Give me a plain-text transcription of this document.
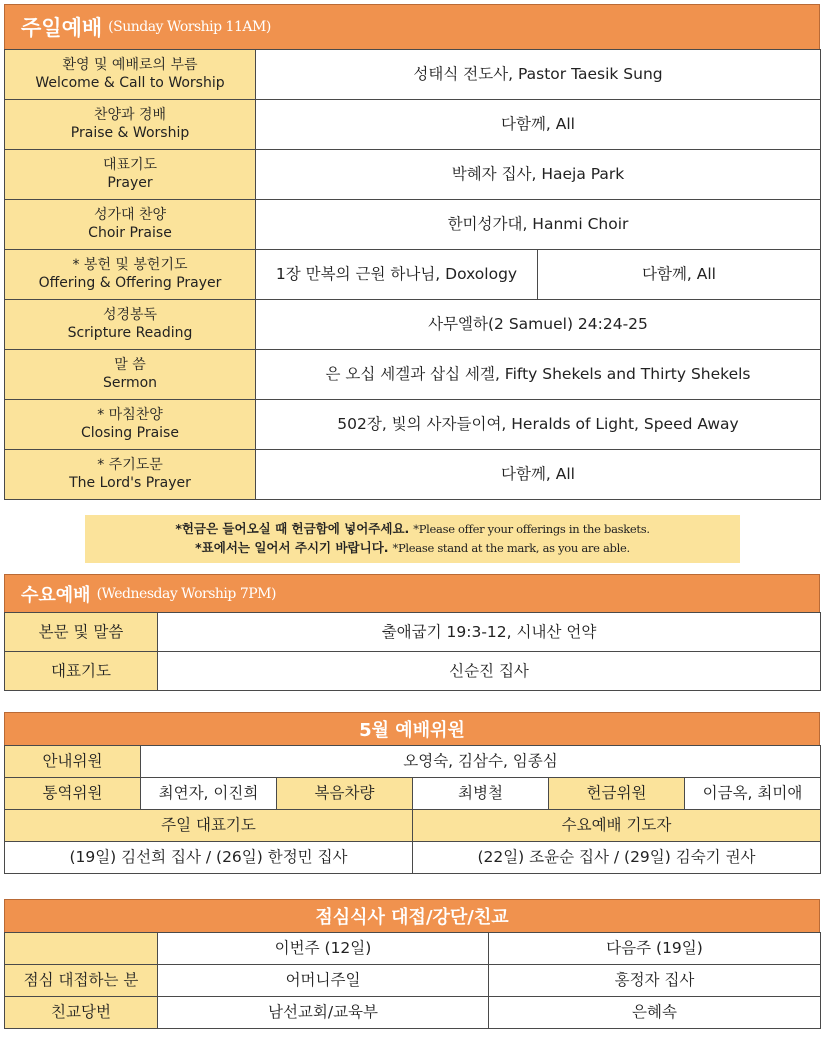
주일예배 (Sunday Worship 11AM)
환영 및 예배로의 부름
Welcome & Call to Worship	성태식 전도사, Pastor Taesik Sung	

찬양과 경배
Praise & Worship	다함께, All	

대표기도
Prayer	박혜자 집사, Haeja Park	

성가대 찬양
Choir Praise	한미성가대, Hanmi Choir	

* 봉헌 및 봉헌기도
Offering & Offering Prayer	1장 만복의 근원 하나님, Doxology	다함께, All

성경봉독
Scripture Reading	사무엘하(2 Samuel) 24:24-25	

말 씀
Sermon	은 오십 세겔과 삽십 세겔, Fifty Shekels and Thirty Shekels	

* 마침찬양
Closing Praise	502장, 빛의 사자들이여, Heralds of Light, Speed Away	

* 주기도문
The Lord's Prayer	다함께, All	
*헌금은 들어오실 때 헌금함에 넣어주세요. *Please offer your offerings in the baskets.
*표에서는 일어서 주시기 바랍니다. *Please stand at the mark, as you are able.
수요예배 (Wednesday Worship 7PM)
본문 및 말씀	출애굽기 19:3-12, 시내산 언약
대표기도	신순진 집사
5월 예배위원
안내위원	오영숙, 김삼수, 임종심				
통역위원	최연자, 이진희	복음차량	최병철	헌금위원	이금옥, 최미애
주일 대표기도			수요예배 기도자		
(19일) 김선희 집사 / (26일) 한정민 집사			(22일) 조윤순 집사 / (29일) 김숙기 권사		
점심식사 대접/강단/친교
	이번주 (12일)	다음주 (19일)
점심 대접하는 분	어머니주일	홍정자 집사
친교당번	남선교회/교육부	은혜속
